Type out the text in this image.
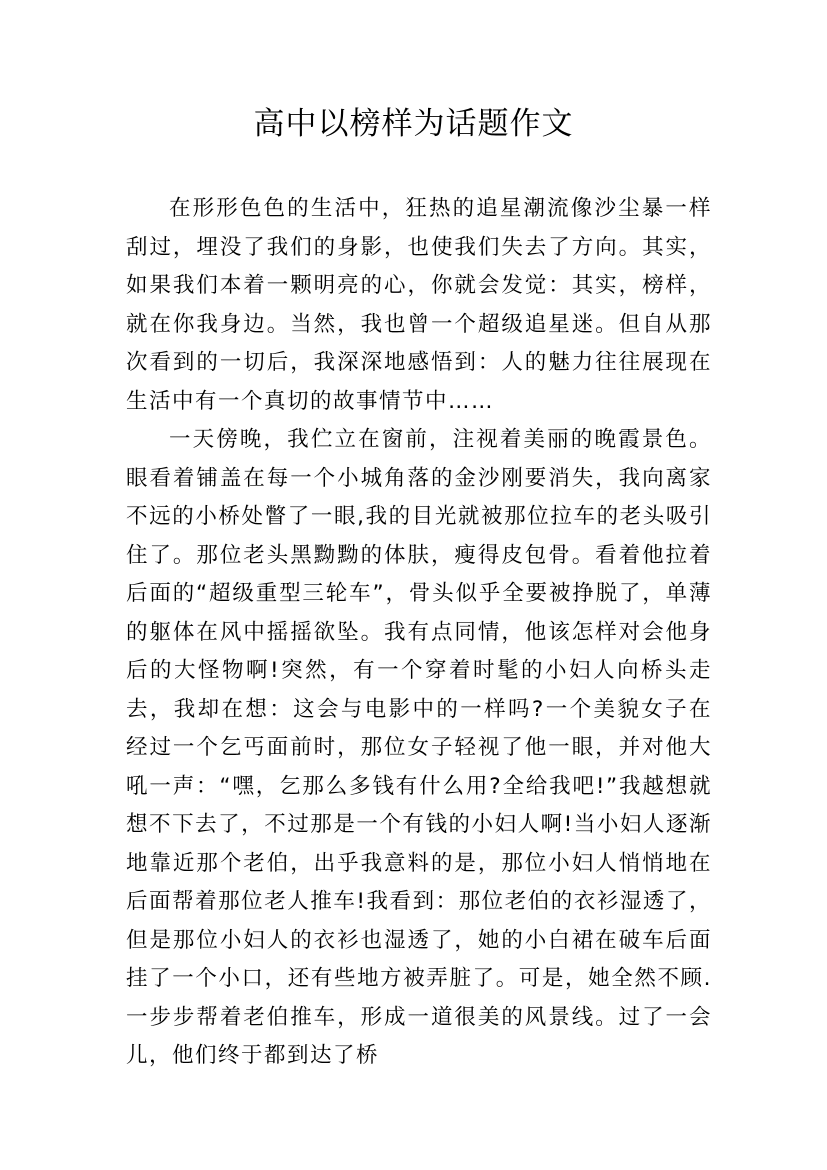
高中以榜样为话题作文

在形形色色的生活中，狂热的追星潮流像沙尘暴一样刮过，埋没了我们的身影，也使我们失去了方向。其实，如果我们本着一颗明亮的心，你就会发觉：其实，榜样，就在你我身边。当然，我也曾一个超级追星迷。但自从那次看到的一切后，我深深地感悟到：人的魅力往往展现在生活中有一个真切的故事情节中……

一天傍晚，我伫立在窗前，注视着美丽的晚霞景色。眼看着铺盖在每一个小城角落的金沙刚要消失，我向离家不远的小桥处瞥了一眼,我的目光就被那位拉车的老头吸引住了。那位老头黑黝黝的体肤，瘦得皮包骨。看着他拉着后面的“超级重型三轮车”，骨头似乎全要被挣脱了，单薄的躯体在风中摇摇欲坠。我有点同情，他该怎样对会他身后的大怪物啊!突然，有一个穿着时髦的小妇人向桥头走去，我却在想：这会与电影中的一样吗?一个美貌女子在经过一个乞丐面前时，那位女子轻视了他一眼，并对他大吼一声：“嘿，乞那么多钱有什么用?全给我吧!”我越想就想不下去了，不过那是一个有钱的小妇人啊!当小妇人逐渐地靠近那个老伯，出乎我意料的是，那位小妇人悄悄地在后面帮着那位老人推车!我看到：那位老伯的衣衫湿透了，但是那位小妇人的衣衫也湿透了，她的小白裙在破车后面挂了一个小口，还有些地方被弄脏了。可是，她全然不顾.一步步帮着老伯推车，形成一道很美的风景线。过了一会儿，他们终于都到达了桥
